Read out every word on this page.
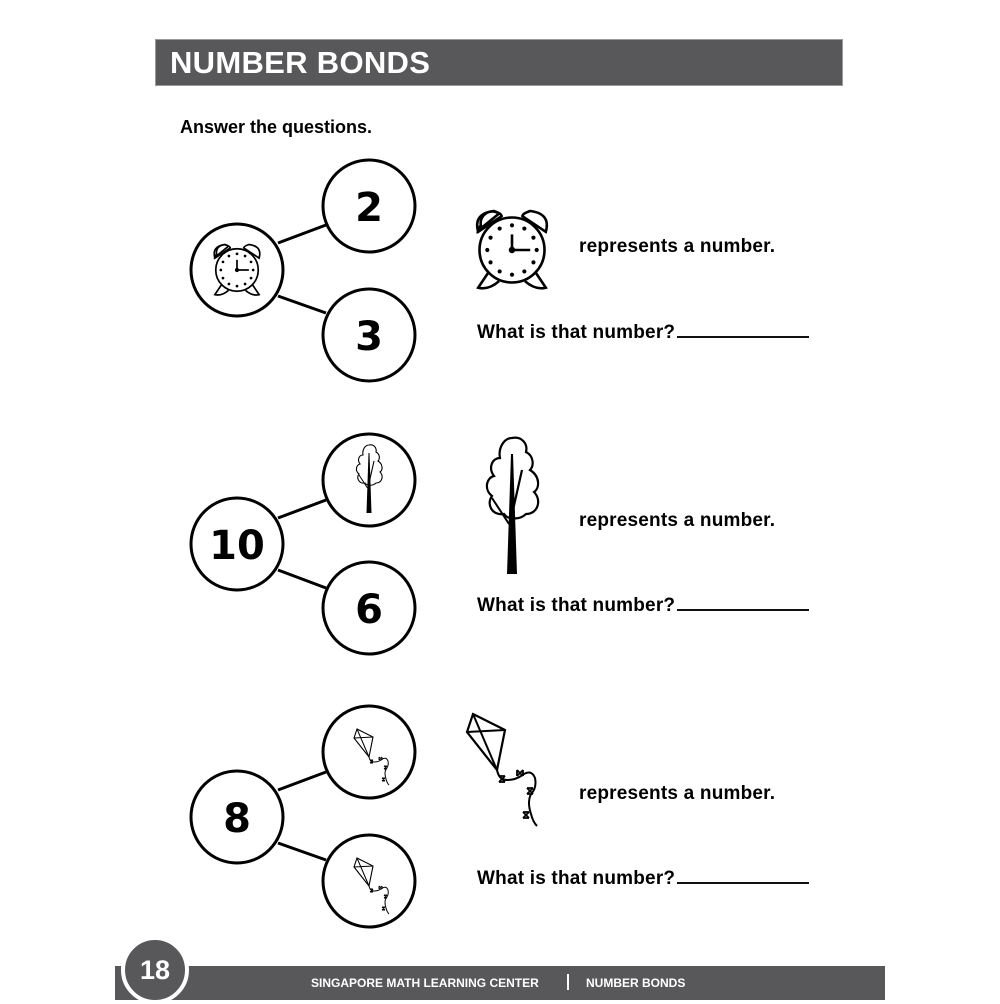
NUMBER BONDS
Answer the questions.
2
3
10
6
8
represents a number.
What is that number?
represents a number.
What is that number?
represents a number.
What is that number?
SINGAPORE MATH LEARNING CENTER	NUMBER BONDS
18
